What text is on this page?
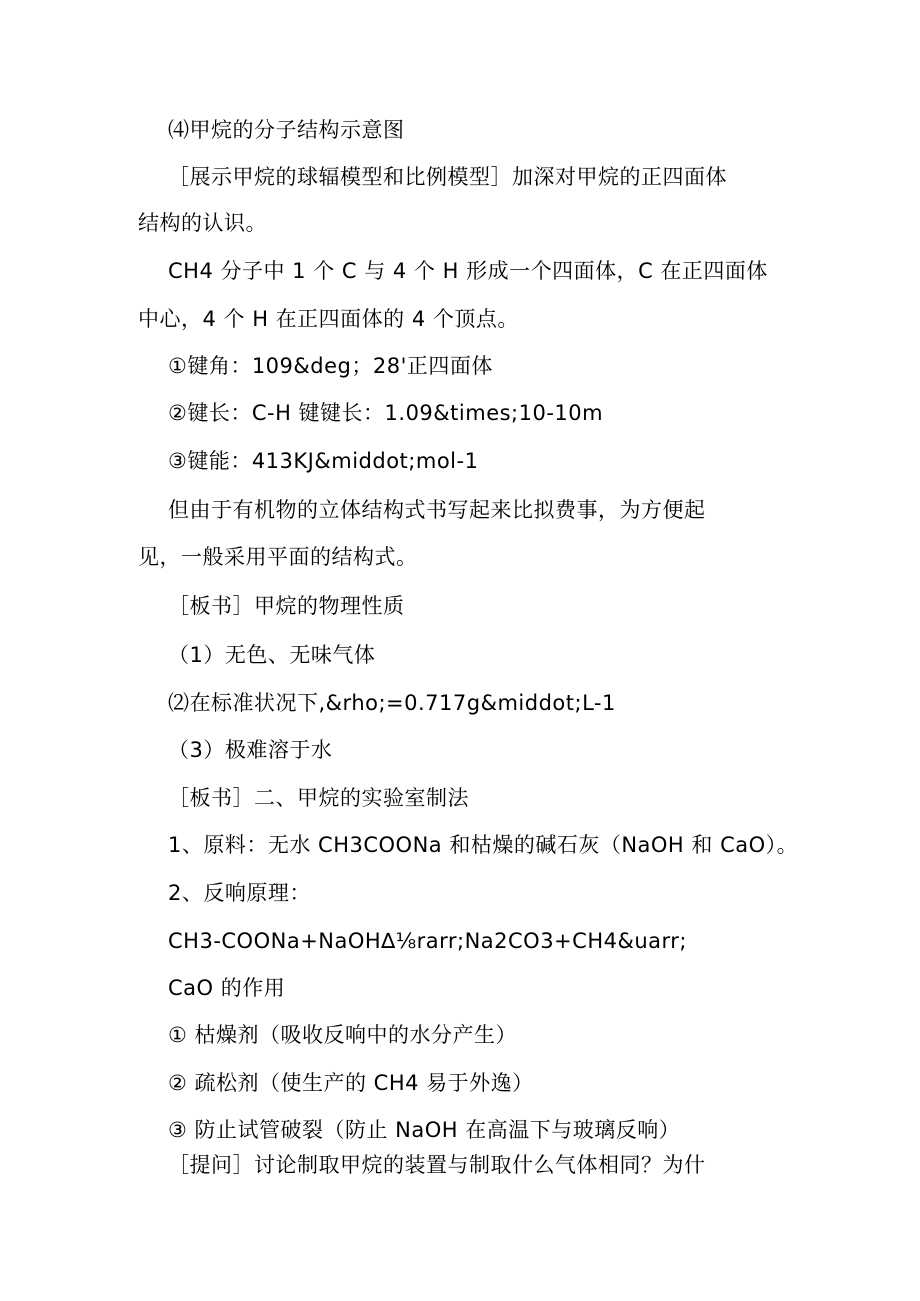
⑷甲烷的分子结构示意图
［展示甲烷的球辐模型和比例模型］加深对甲烷的正四面体
结构的认识。
CH4 分子中 1 个 C 与 4 个 H 形成一个四面体，C 在正四面体
中心，4 个 H 在正四面体的 4 个顶点。
①键角：109&deg；28'正四面体
②键长：C-H 键键长：1.09&times;10-10m
③键能：413KJ&middot;mol-1
但由于有机物的立体结构式书写起来比拟费事，为方便起
见，一般采用平面的结构式。
［板书］甲烷的物理性质
（1）无色、无味气体
⑵在标准状况下,&rho;=0.717g&middot;L-1
（3）极难溶于水
［板书］二、甲烷的实验室制法
1、原料：无水 CH3COONa 和枯燥的碱石灰（NaOH 和 CaO）。
2、反响原理：
CH3-COONa+NaOH∆⅛rarr;Na2CO3+CH4&uarr;
CaO 的作用
① 枯燥剂（吸收反响中的水分产生）
② 疏松剂（使生产的 CH4 易于外逸）
③ 防止试管破裂（防止 NaOH 在高温下与玻璃反响）
［提问］讨论制取甲烷的装置与制取什么气体相同？为什
